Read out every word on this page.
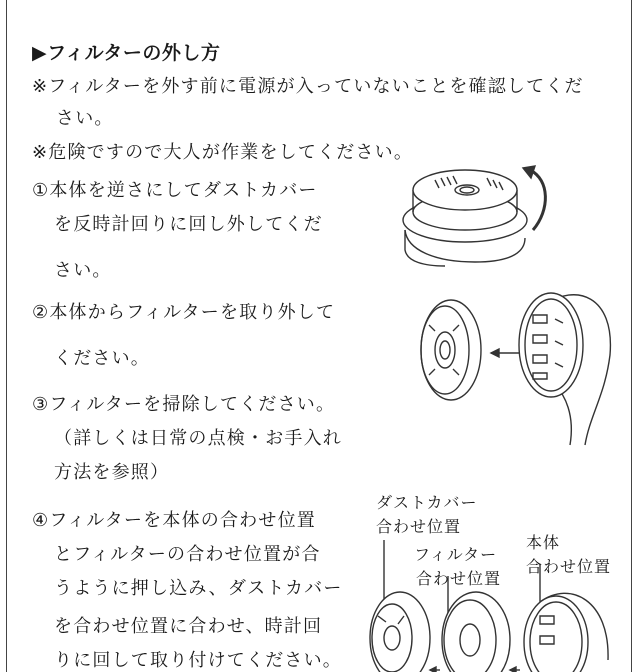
▶フィルターの外し方
※フィルターを外す前に電源が入っていないことを確認してくだ
さい。
※危険ですので大人が作業をしてください。
①本体を逆さにしてダストカバー
を反時計回りに回し外してくだ
さい。
②本体からフィルターを取り外して
ください。
③フィルターを掃除してください。
（詳しくは日常の点検・お手入れ
方法を参照）
④フィルターを本体の合わせ位置
とフィルターの合わせ位置が合
うように押し込み、ダストカバー
を合わせ位置に合わせ、時計回
りに回して取り付けてください。
ダストカバー
合わせ位置
フィルター
合わせ位置
本体
合わせ位置
